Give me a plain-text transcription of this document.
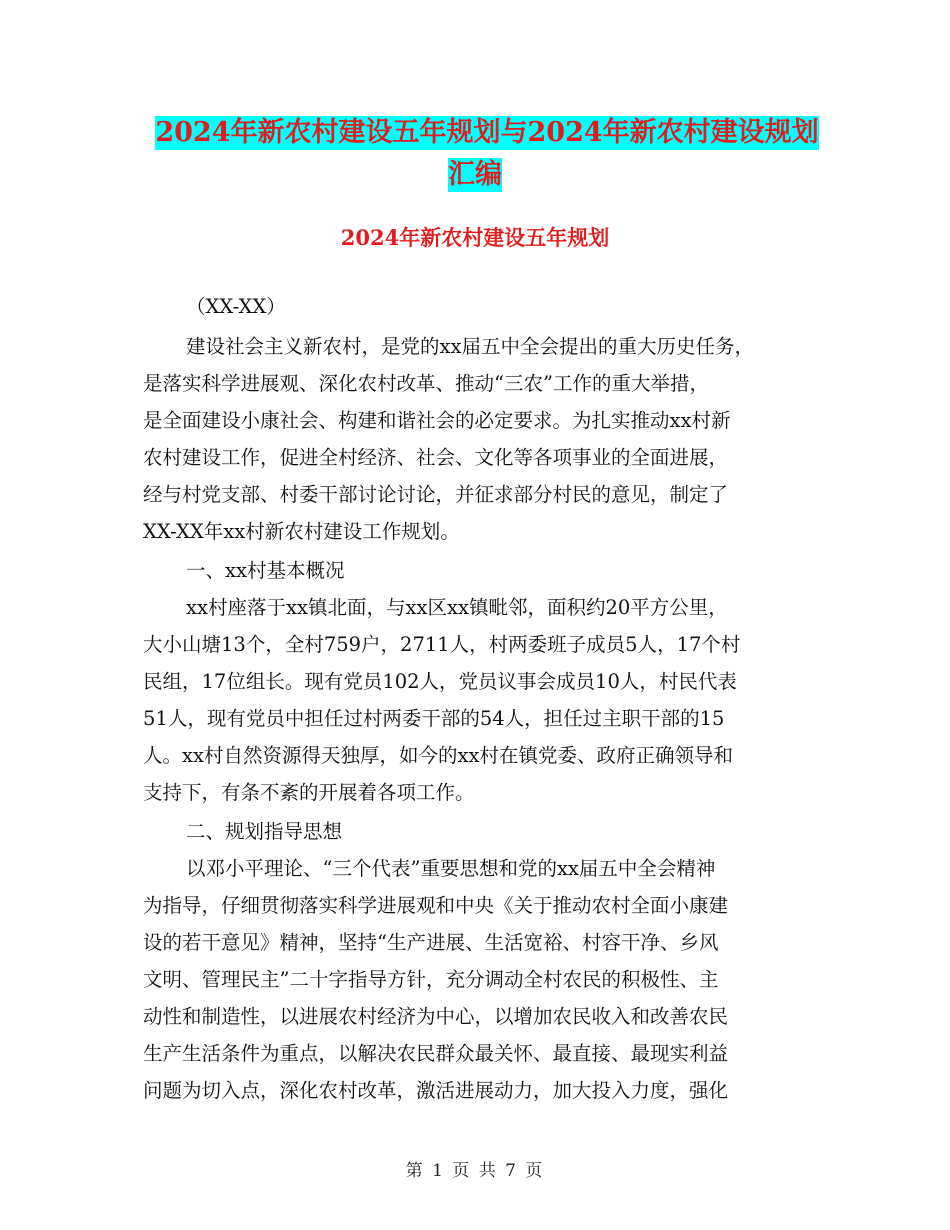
2024年新农村建设五年规划与2024年新农村建设规划
汇编
2024年新农村建设五年规划
（XX-XX）
建设社会主义新农村，是党的xx届五中全会提出的重大历史任务，
是落实科学进展观、深化农村改革、推动“三农”工作的重大举措，
是全面建设小康社会、构建和谐社会的必定要求。为扎实推动xx村新
农村建设工作，促进全村经济、社会、文化等各项事业的全面进展，
经与村党支部、村委干部讨论讨论，并征求部分村民的意见，制定了
XX-XX年xx村新农村建设工作规划。
一、xx村基本概况
xx村座落于xx镇北面，与xx区xx镇毗邻，面积约20平方公里，
大小山塘13个，全村759户，2711人，村两委班子成员5人，17个村
民组，17位组长。现有党员102人，党员议事会成员10人，村民代表
51人，现有党员中担任过村两委干部的54人，担任过主职干部的15
人。xx村自然资源得天独厚，如今的xx村在镇党委、政府正确领导和
支持下，有条不紊的开展着各项工作。
二、规划指导思想
以邓小平理论、“三个代表”重要思想和党的xx届五中全会精神
为指导，仔细贯彻落实科学进展观和中央《关于推动农村全面小康建
设的若干意见》精神，坚持“生产进展、生活宽裕、村容干净、乡风
文明、管理民主”二十字指导方针，充分调动全村农民的积极性、主
动性和制造性，以进展农村经济为中心，以增加农民收入和改善农民
生产生活条件为重点，以解决农民群众最关怀、最直接、最现实利益
问题为切入点，深化农村改革，激活进展动力，加大投入力度，强化
第 1 页 共 7 页
